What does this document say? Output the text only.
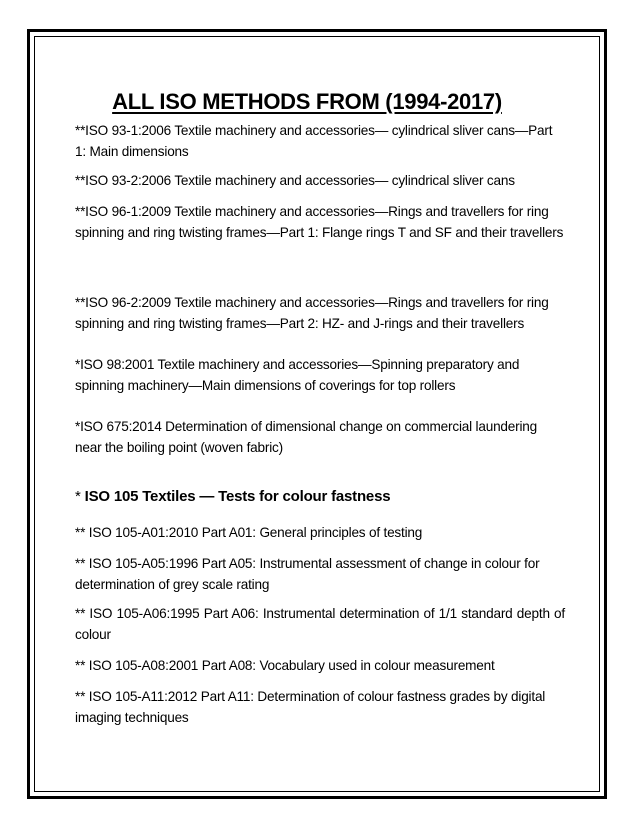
ALL ISO METHODS FROM (1994-2017)

**ISO 93-1:2006 Textile machinery and accessories— cylindrical sliver cans—Part 1: Main dimensions

**ISO 93-2:2006 Textile machinery and accessories— cylindrical sliver cans

**ISO 96-1:2009 Textile machinery and accessories—Rings and travellers for ring spinning and ring twisting frames—Part 1: Flange rings T and SF and their travellers

**ISO 96-2:2009 Textile machinery and accessories—Rings and travellers for ring spinning and ring twisting frames—Part 2: HZ- and J-rings and their travellers

*ISO 98:2001 Textile machinery and accessories—Spinning preparatory and spinning machinery—Main dimensions of coverings for top rollers

*ISO 675:2014 Determination of dimensional change on commercial laundering near the boiling point (woven fabric)

* ISO 105 Textiles — Tests for colour fastness

** ISO 105-A01:2010 Part A01: General principles of testing

** ISO 105-A05:1996 Part A05: Instrumental assessment of change in colour for determination of grey scale rating

** ISO 105-A06:1995 Part A06: Instrumental determination of 1/1 standard depth of colour

** ISO 105-A08:2001 Part A08: Vocabulary used in colour measurement

** ISO 105-A11:2012 Part A11: Determination of colour fastness grades by digital imaging techniques
